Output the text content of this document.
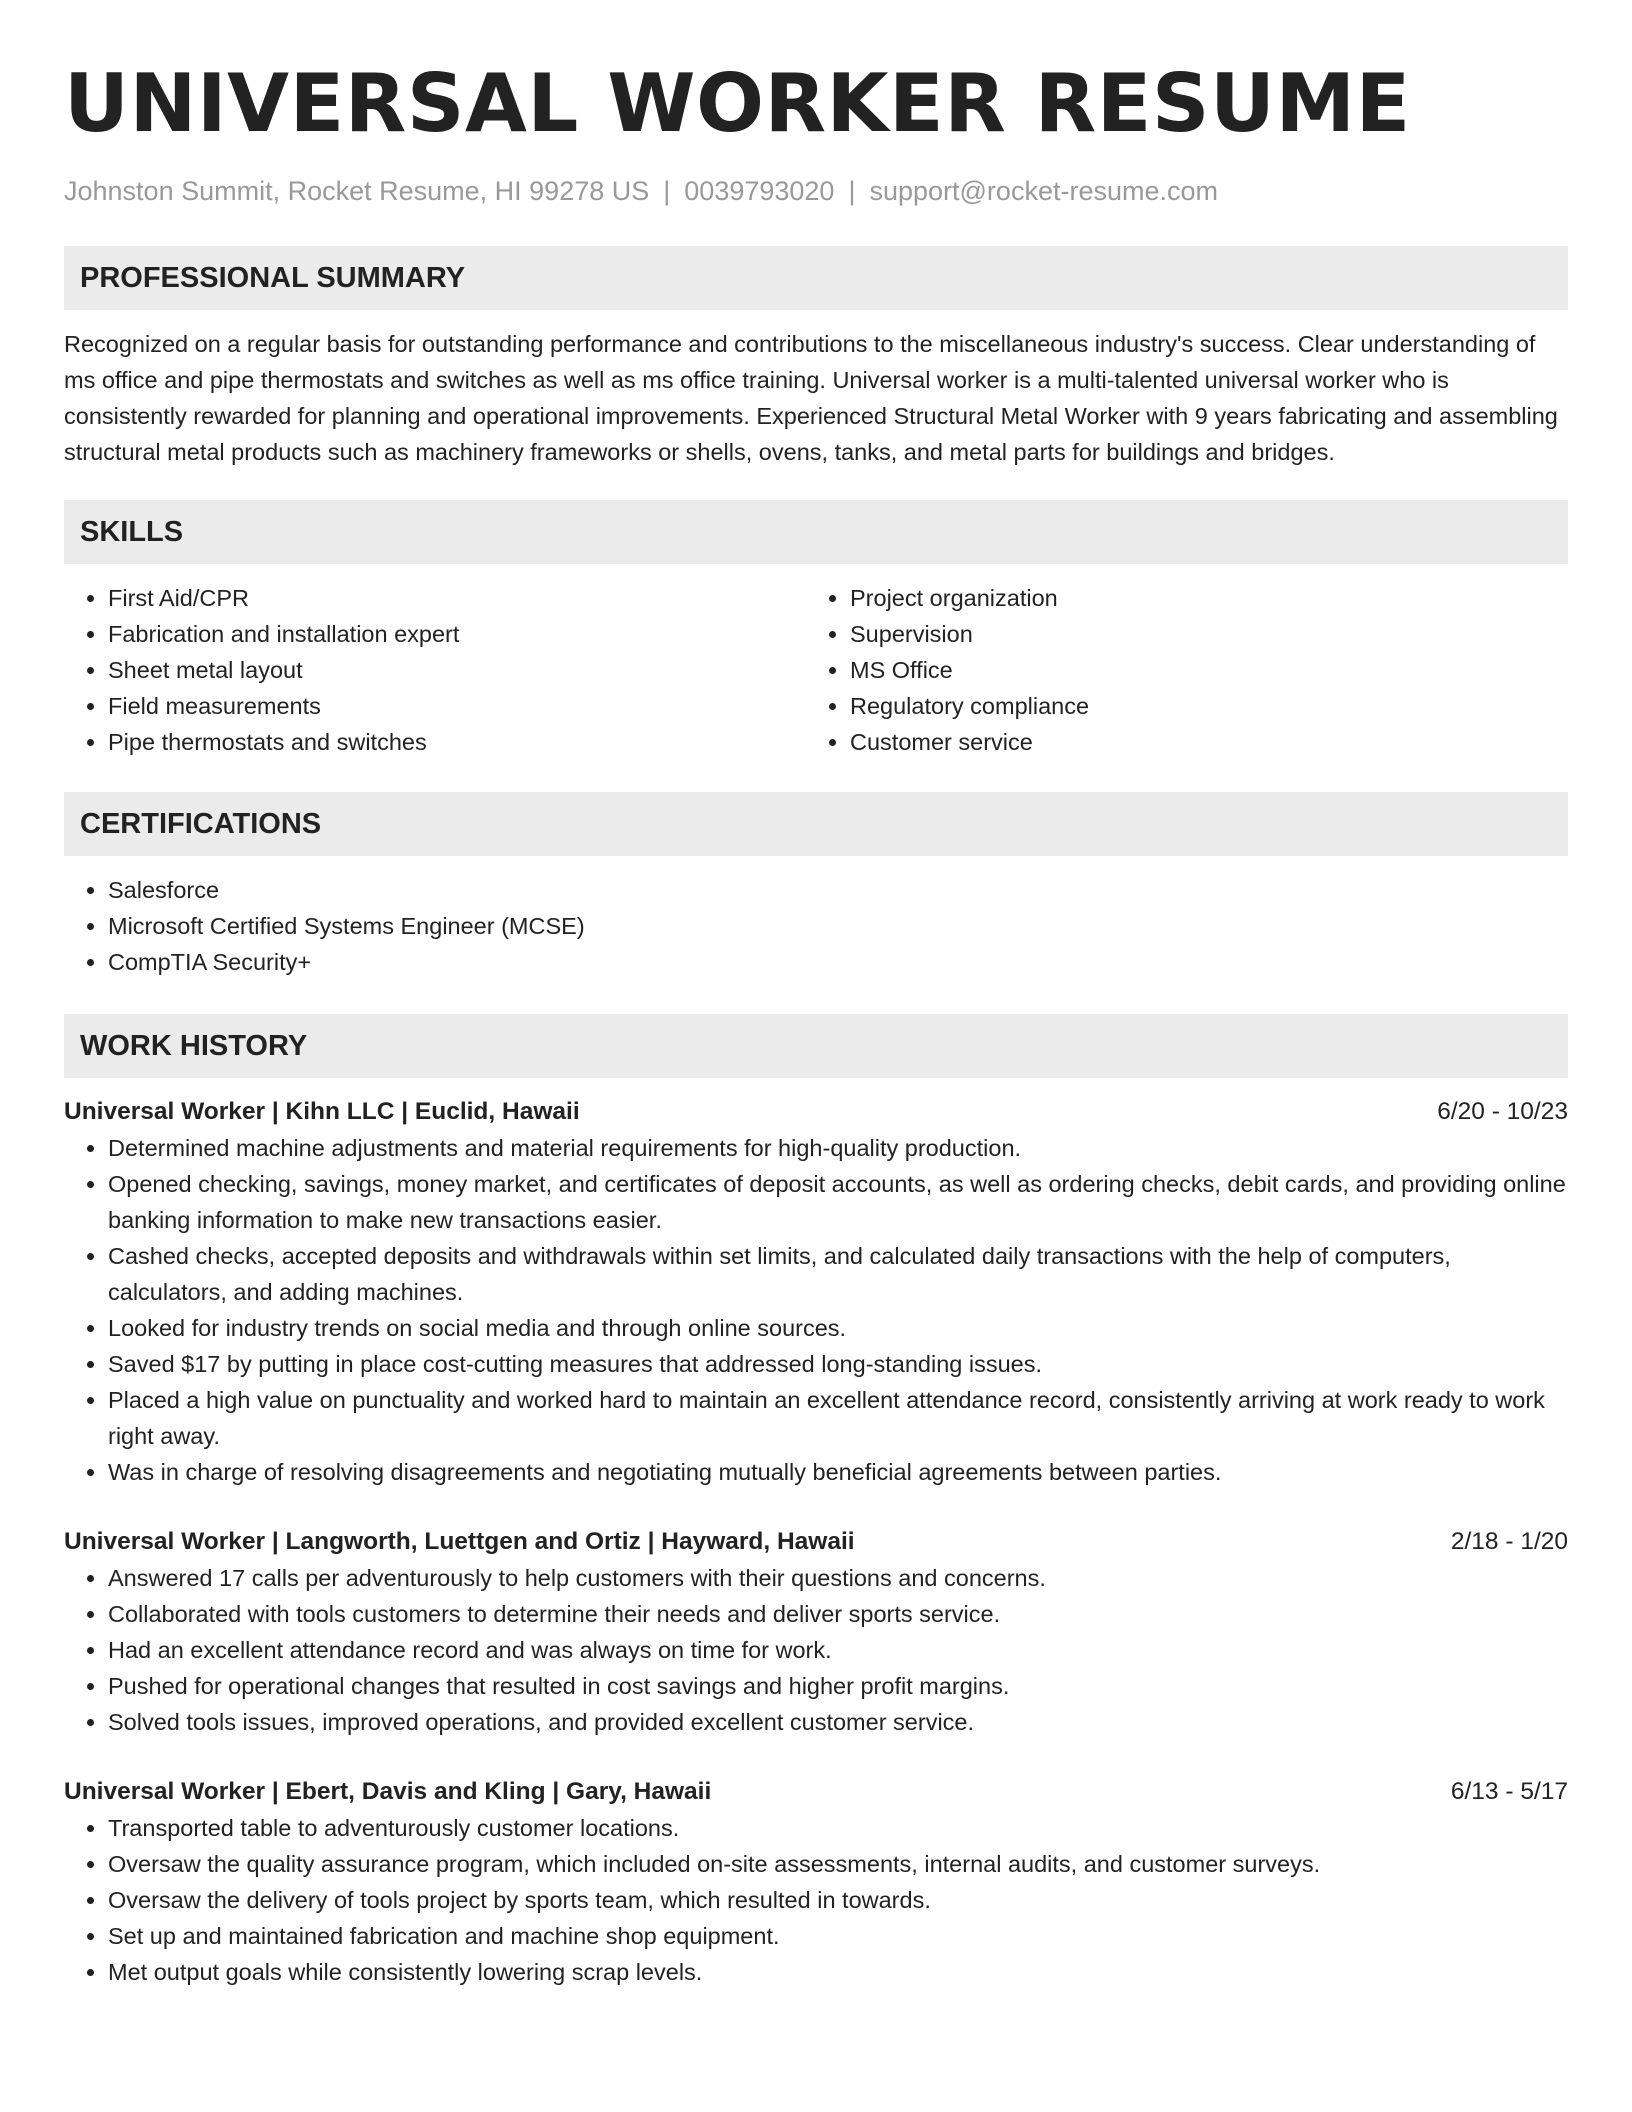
UNIVERSAL WORKER RESUME
Johnston Summit, Rocket Resume, HI 99278 US | 0039793020 | support@rocket-resume.com
PROFESSIONAL SUMMARY

Recognized on a regular basis for outstanding performance and contributions to the miscellaneous industry's success. Clear understanding of ms office and pipe thermostats and switches as well as ms office training. Universal worker is a multi-talented universal worker who is consistently rewarded for planning and operational improvements. Experienced Structural Metal Worker with 9 years fabricating and assembling structural metal products such as machinery frameworks or shells, ovens, tanks, and metal parts for buildings and bridges.

SKILLS
• First Aid/CPR
• Fabrication and installation expert
• Sheet metal layout
• Field measurements
• Pipe thermostats and switches
• Project organization
• Supervision
• MS Office
• Regulatory compliance
• Customer service
CERTIFICATIONS
• Salesforce
• Microsoft Certified Systems Engineer (MCSE)
• CompTIA Security+
WORK HISTORY
Universal Worker | Kihn LLC | Euclid, Hawaii	6/20 - 10/23
• Determined machine adjustments and material requirements for high-quality production.
• Opened checking, savings, money market, and certificates of deposit accounts, as well as ordering checks, debit cards, and providing online banking information to make new transactions easier.
• Cashed checks, accepted deposits and withdrawals within set limits, and calculated daily transactions with the help of computers, calculators, and adding machines.
• Looked for industry trends on social media and through online sources.
• Saved $17 by putting in place cost-cutting measures that addressed long-standing issues.
• Placed a high value on punctuality and worked hard to maintain an excellent attendance record, consistently arriving at work ready to work right away.
• Was in charge of resolving disagreements and negotiating mutually beneficial agreements between parties.
Universal Worker | Langworth, Luettgen and Ortiz | Hayward, Hawaii	2/18 - 1/20
• Answered 17 calls per adventurously to help customers with their questions and concerns.
• Collaborated with tools customers to determine their needs and deliver sports service.
• Had an excellent attendance record and was always on time for work.
• Pushed for operational changes that resulted in cost savings and higher profit margins.
• Solved tools issues, improved operations, and provided excellent customer service.
Universal Worker | Ebert, Davis and Kling | Gary, Hawaii	6/13 - 5/17
• Transported table to adventurously customer locations.
• Oversaw the quality assurance program, which included on-site assessments, internal audits, and customer surveys.
• Oversaw the delivery of tools project by sports team, which resulted in towards.
• Set up and maintained fabrication and machine shop equipment.
• Met output goals while consistently lowering scrap levels.
